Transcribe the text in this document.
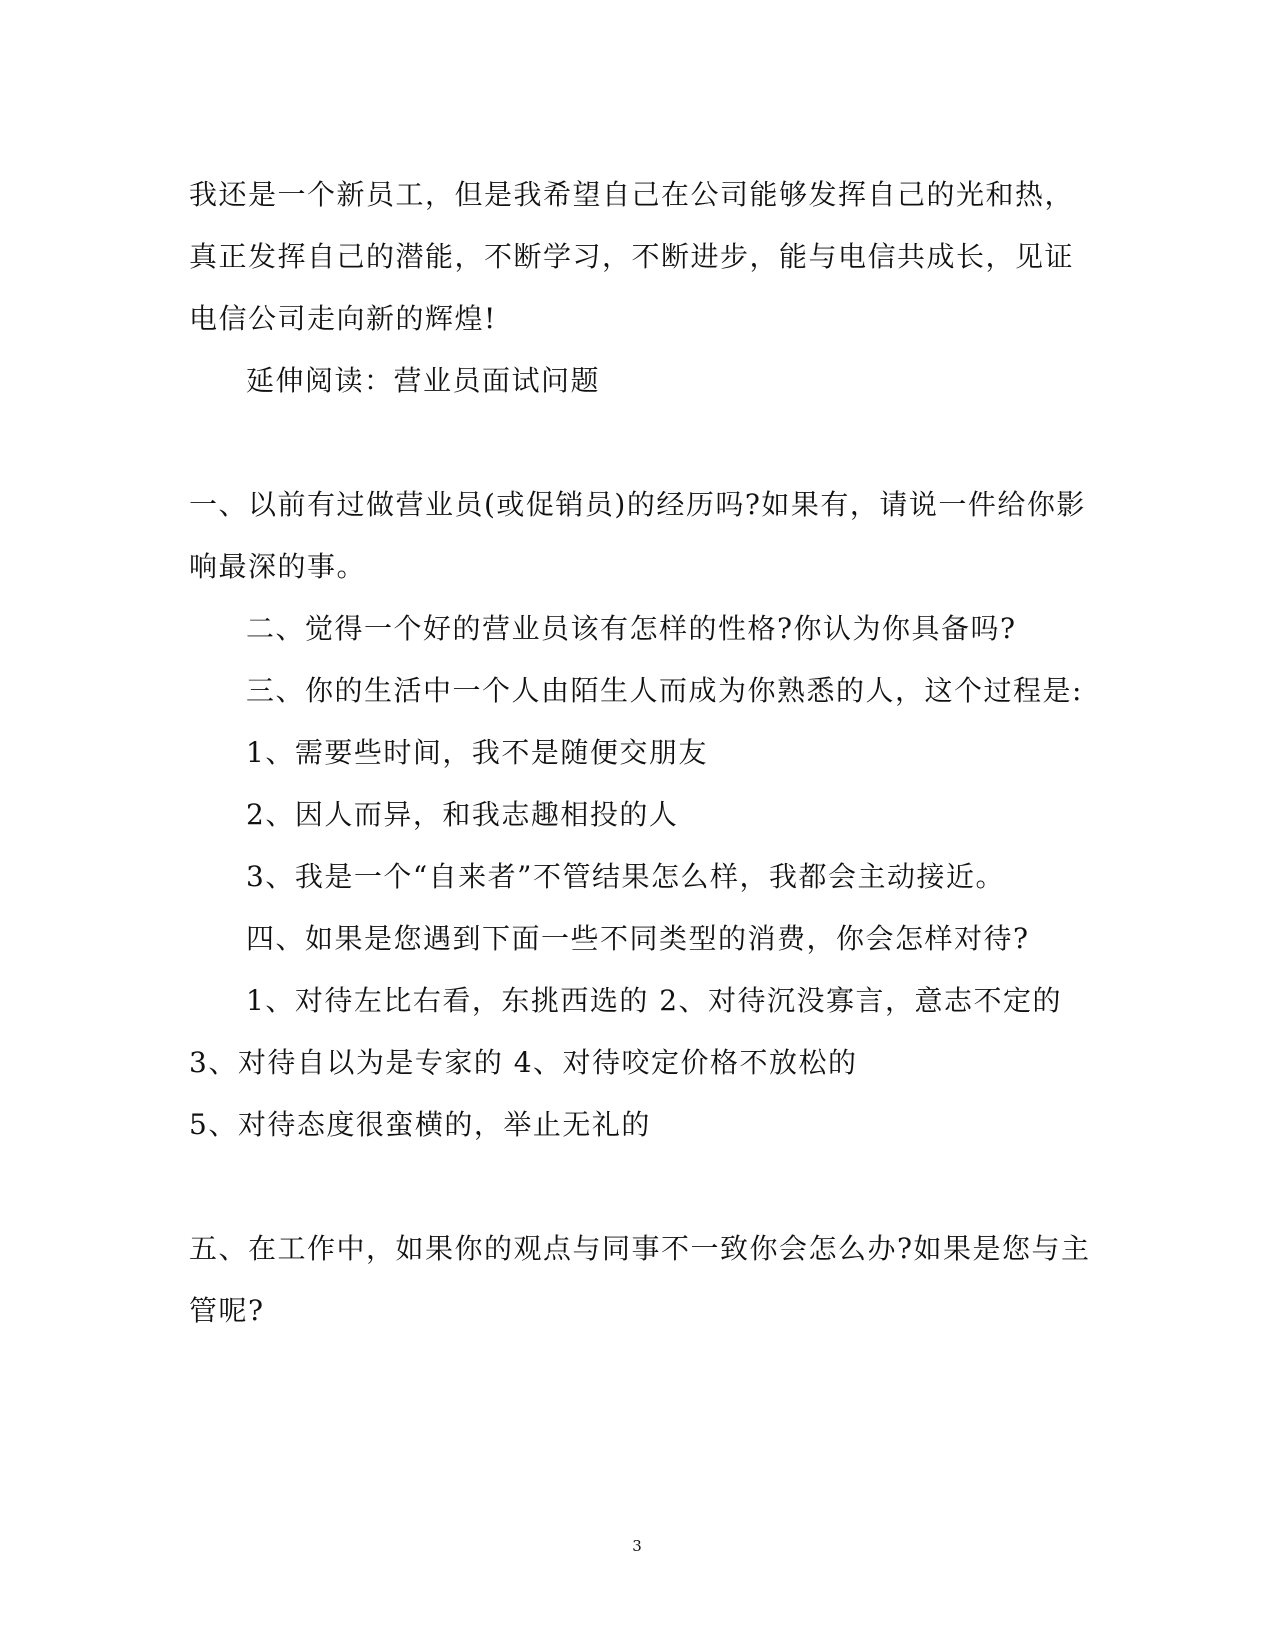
我还是一个新员工，但是我希望自己在公司能够发挥自己的光和热，
真正发挥自己的潜能，不断学习，不断进步，能与电信共成长，见证
电信公司走向新的辉煌!
延伸阅读：营业员面试问题
一、以前有过做营业员(或促销员)的经历吗?如果有，请说一件给你影
响最深的事。
二、觉得一个好的营业员该有怎样的性格?你认为你具备吗?
三、你的生活中一个人由陌生人而成为你熟悉的人，这个过程是:
1、需要些时间，我不是随便交朋友
2、因人而异，和我志趣相投的人
3、我是一个“自来者”不管结果怎么样，我都会主动接近。
四、如果是您遇到下面一些不同类型的消费，你会怎样对待?
1、对待左比右看，东挑西选的 2、对待沉没寡言，意志不定的
3、对待自以为是专家的 4、对待咬定价格不放松的
5、对待态度很蛮横的，举止无礼的
五、在工作中，如果你的观点与同事不一致你会怎么办?如果是您与主
管呢?
3
